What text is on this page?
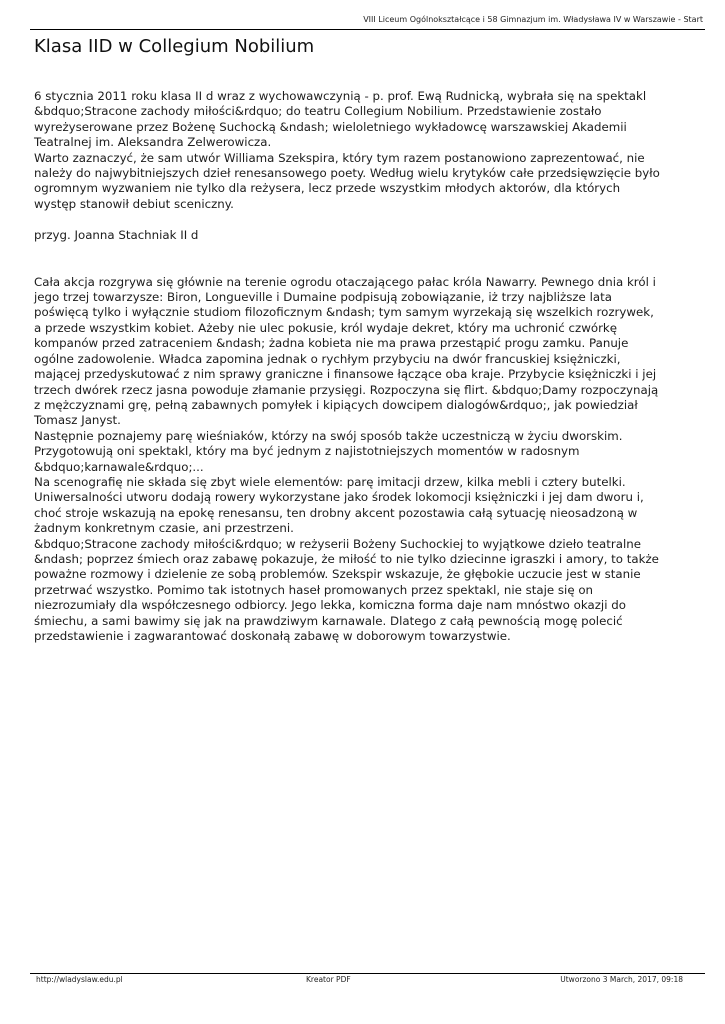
VIII Liceum Ogólnokształcące i 58 Gimnazjum im. Władysława IV w Warszawie - Start
Klasa IID w Collegium Nobilium

6 stycznia 2011 roku klasa II d wraz z wychowawczynią - p. prof. Ewą Rudnicką, wybrała się na spektakl

&bdquo;Stracone zachody miłości&rdquo; do teatru Collegium Nobilium. Przedstawienie zostało

wyreżyserowane przez Bożenę Suchocką &ndash; wieloletniego wykładowcę warszawskiej Akademii

Teatralnej im. Aleksandra Zelwerowicza.

Warto zaznaczyć, że sam utwór Williama Szekspira, który tym razem postanowiono zaprezentować, nie

należy do najwybitniejszych dzieł renesansowego poety. Według wielu krytyków całe przedsięwzięcie było

ogromnym wyzwaniem nie tylko dla reżysera, lecz przede wszystkim młodych aktorów, dla których

występ stanowił debiut sceniczny.

przyg. Joanna Stachniak II d

Cała akcja rozgrywa się głównie na terenie ogrodu otaczającego pałac króla Nawarry. Pewnego dnia król i

jego trzej towarzysze: Biron, Longueville i Dumaine podpisują zobowiązanie, iż trzy najbliższe lata

poświęcą tylko i wyłącznie studiom filozoficznym &ndash; tym samym wyrzekają się wszelkich rozrywek,

a przede wszystkim kobiet. Ażeby nie ulec pokusie, król wydaje dekret, który ma uchronić czwórkę

kompanów przed zatraceniem &ndash; żadna kobieta nie ma prawa przestąpić progu zamku. Panuje

ogólne zadowolenie. Władca zapomina jednak o rychłym przybyciu na dwór francuskiej księżniczki,

mającej przedyskutować z nim sprawy graniczne i finansowe łączące oba kraje. Przybycie księżniczki i jej

trzech dwórek rzecz jasna powoduje złamanie przysięgi. Rozpoczyna się flirt. &bdquo;Damy rozpoczynają

z mężczyznami grę, pełną zabawnych pomyłek i kipiących dowcipem dialogów&rdquo;, jak powiedział

Tomasz Janyst.

Następnie poznajemy parę wieśniaków, którzy na swój sposób także uczestniczą w życiu dworskim.

Przygotowują oni spektakl, który ma być jednym z najistotniejszych momentów w radosnym

&bdquo;karnawale&rdquo;...

Na scenografię nie składa się zbyt wiele elementów: parę imitacji drzew, kilka mebli i cztery butelki.

Uniwersalności utworu dodają rowery wykorzystane jako środek lokomocji księżniczki i jej dam dworu i,

choć stroje wskazują na epokę renesansu, ten drobny akcent pozostawia całą sytuację nieosadzoną w

żadnym konkretnym czasie, ani przestrzeni.

&bdquo;Stracone zachody miłości&rdquo; w reżyserii Bożeny Suchockiej to wyjątkowe dzieło teatralne

&ndash; poprzez śmiech oraz zabawę pokazuje, że miłość to nie tylko dziecinne igraszki i amory, to także

poważne rozmowy i dzielenie ze sobą problemów. Szekspir wskazuje, że głębokie uczucie jest w stanie

przetrwać wszystko. Pomimo tak istotnych haseł promowanych przez spektakl, nie staje się on

niezrozumiały dla współczesnego odbiorcy. Jego lekka, komiczna forma daje nam mnóstwo okazji do

śmiechu, a sami bawimy się jak na prawdziwym karnawale. Dlatego z całą pewnością mogę polecić

przedstawienie i zagwarantować doskonałą zabawę w doborowym towarzystwie.

http://wladyslaw.edu.pl	Kreator PDF	Utworzono 3 March, 2017, 09:18
